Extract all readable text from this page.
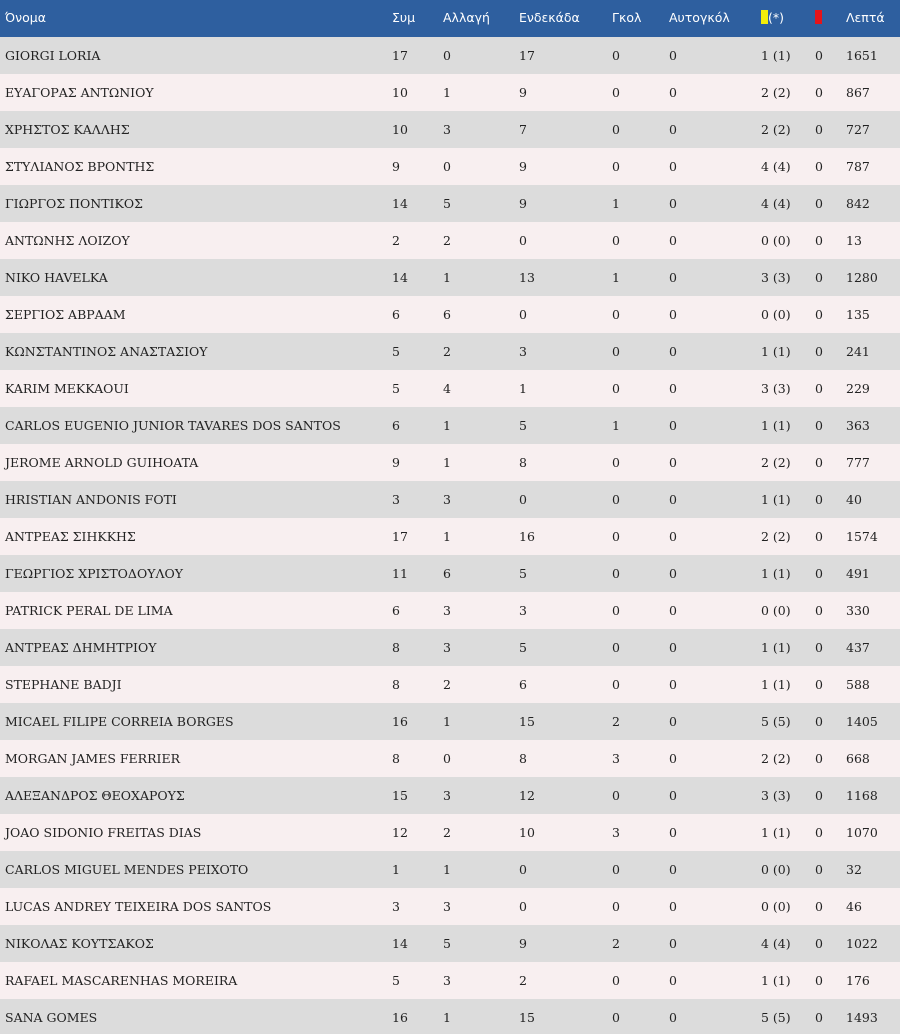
Όνομα	Συμ	Αλλαγή	Ενδεκάδα	Γκολ	Αυτογκόλ	(*)		Λεπτά
GIORGI LORIA	17	0	17	0	0	1 (1)	0	1651
ΕΥΑΓΟΡΑΣ ΑΝΤΩΝΙΟΥ	10	1	9	0	0	2 (2)	0	867
ΧΡΗΣΤΟΣ ΚΑΛΛΗΣ	10	3	7	0	0	2 (2)	0	727
ΣΤΥΛΙΑΝΟΣ ΒΡΟΝΤΗΣ	9	0	9	0	0	4 (4)	0	787
ΓΙΩΡΓΟΣ ΠΟΝΤΙΚΟΣ	14	5	9	1	0	4 (4)	0	842
ΑΝΤΩΝΗΣ ΛΟΙΖΟΥ	2	2	0	0	0	0 (0)	0	13
NIKO HAVELKA	14	1	13	1	0	3 (3)	0	1280
ΣΕΡΓΙΟΣ ΑΒΡΑΑΜ	6	6	0	0	0	0 (0)	0	135
ΚΩΝΣΤΑΝΤΙΝΟΣ ΑΝΑΣΤΑΣΙΟΥ	5	2	3	0	0	1 (1)	0	241
KARIM MEKKAOUI	5	4	1	0	0	3 (3)	0	229
CARLOS EUGENIO JUNIOR TAVARES DOS SANTOS	6	1	5	1	0	1 (1)	0	363
JEROME ARNOLD GUIHOATA	9	1	8	0	0	2 (2)	0	777
HRISTIAN ANDONIS FOTI	3	3	0	0	0	1 (1)	0	40
ΑΝΤΡΕΑΣ ΣΙΗΚΚΗΣ	17	1	16	0	0	2 (2)	0	1574
ΓΕΩΡΓΙΟΣ ΧΡΙΣΤΟΔΟΥΛΟΥ	11	6	5	0	0	1 (1)	0	491
PATRICK PERAL DE LIMA	6	3	3	0	0	0 (0)	0	330
ΑΝΤΡΕΑΣ ΔΗΜΗΤΡΙΟΥ	8	3	5	0	0	1 (1)	0	437
STEPHANE BADJI	8	2	6	0	0	1 (1)	0	588
MICAEL FILIPE CORREIA BORGES	16	1	15	2	0	5 (5)	0	1405
MORGAN JAMES FERRIER	8	0	8	3	0	2 (2)	0	668
ΑΛΕΞΑΝΔΡΟΣ ΘΕΟΧΑΡΟΥΣ	15	3	12	0	0	3 (3)	0	1168
JOAO SIDONIO FREITAS DIAS	12	2	10	3	0	1 (1)	0	1070
CARLOS MIGUEL MENDES PEIXOTO	1	1	0	0	0	0 (0)	0	32
LUCAS ANDREY TEIXEIRA DOS SANTOS	3	3	0	0	0	0 (0)	0	46
ΝΙΚΟΛΑΣ ΚΟΥΤΣΑΚΟΣ	14	5	9	2	0	4 (4)	0	1022
RAFAEL MASCARENHAS MOREIRA	5	3	2	0	0	1 (1)	0	176
SANA GOMES	16	1	15	0	0	5 (5)	0	1493
